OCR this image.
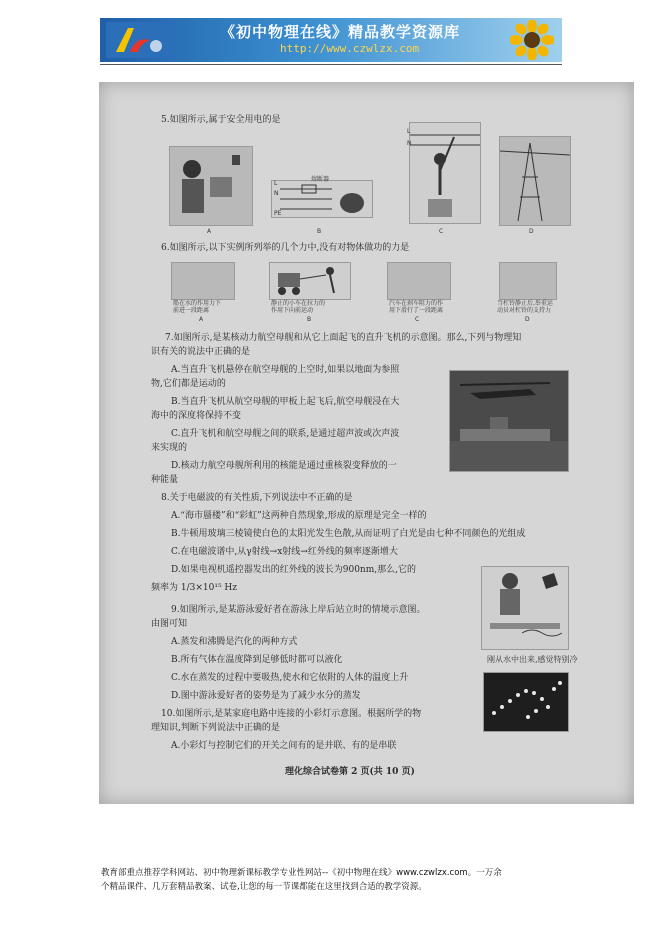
《初中物理在线》精品教学资源库
http://www.czwlzx.com
5.如图所示,属于安全用电的是
L
N
PE
熔断器
L
N
A	B	C	D
6.如图所示,以下实例所列举的几个力中,没有对物体做功的力是
船在水的作用力下
前进一段距离
静止的小车在拉力的
作用下向前运动
汽车在刹车阻力的作
用下滑行了一段距离
当杠铃静止后,举重运
动员对杠铃的支持力
A	B	C	D
7.如图所示,是某核动力航空母舰和从它上面起飞的直升飞机的示意图。那么,下列与物理知
识有关的说法中正确的是
A.当直升飞机悬停在航空母舰的上空时,如果以地面为参照
物,它们都是运动的
B.当直升飞机从航空母舰的甲板上起飞后,航空母舰浸在大
海中的深度将保持不变
C.直升飞机和航空母舰之间的联系,是通过超声波或次声波
来实现的
D.核动力航空母舰所利用的核能是通过重核裂变释放的一
种能量
8.关于电磁波的有关性质,下列说法中不正确的是
A.“海市蜃楼”和“彩虹”这两种自然现象,形成的原理是完全一样的
B.牛顿用玻璃三棱镜使白色的太阳光发生色散,从而证明了白光是由七种不同颜色的光组成
C.在电磁波谱中,从γ射线→x射线→红外线的频率逐渐增大
D.如果电视机遥控器发出的红外线的波长为900nm,那么,它的
频率为 1/3×10¹⁵ Hz
9.如图所示,是某游泳爱好者在游泳上岸后站立时的情境示意图。
由图可知
A.蒸发和沸腾是汽化的两种方式
B.所有气体在温度降到足够低时都可以液化
C.水在蒸发的过程中要吸热,使水和它依附的人体的温度上升
D.图中游泳爱好者的姿势是为了减少水分的蒸发
刚从水中出来,感觉特别冷
10.如图所示,是某家庭电路中连接的小彩灯示意图。根据所学的物
理知识,判断下列说法中正确的是
A.小彩灯与控制它们的开关之间有的是并联、有的是串联
理化综合试卷第 2 页(共 10 页)
教育部重点推荐学科网站、初中物理新课标教学专业性网站--《初中物理在线》www.czwlzx.com。一万余
个精品课件、几万套精品教案、试卷,让您的每一节课都能在这里找到合适的教学资源。
